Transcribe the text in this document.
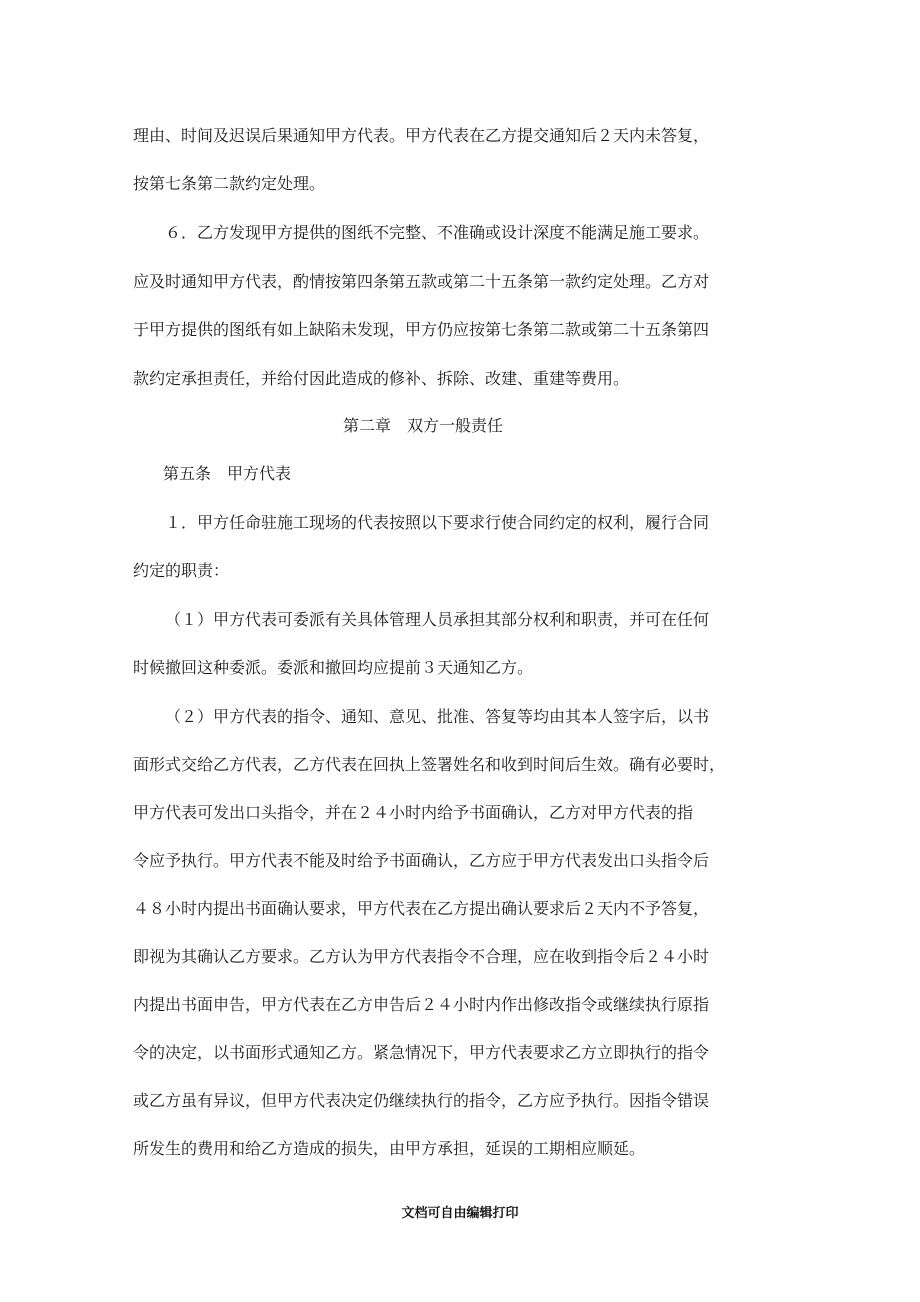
理由、时间及迟误后果通知甲方代表。甲方代表在乙方提交通知后２天内未答复，
按第七条第二款约定处理。
６．乙方发现甲方提供的图纸不完整、不准确或设计深度不能满足施工要求。
应及时通知甲方代表，酌情按第四条第五款或第二十五条第一款约定处理。乙方对
于甲方提供的图纸有如上缺陷未发现，甲方仍应按第七条第二款或第二十五条第四
款约定承担责任，并给付因此造成的修补、拆除、改建、重建等费用。
第二章　双方一般责任
第五条　甲方代表
１．甲方任命驻施工现场的代表按照以下要求行使合同约定的权利，履行合同
约定的职责：
（１）甲方代表可委派有关具体管理人员承担其部分权利和职责，并可在任何
时候撤回这种委派。委派和撤回均应提前３天通知乙方。
（２）甲方代表的指令、通知、意见、批准、答复等均由其本人签字后，以书
面形式交给乙方代表，乙方代表在回执上签署姓名和收到时间后生效。确有必要时，
甲方代表可发出口头指令，并在２４小时内给予书面确认，乙方对甲方代表的指
令应予执行。甲方代表不能及时给予书面确认，乙方应于甲方代表发出口头指令后
４８小时内提出书面确认要求，甲方代表在乙方提出确认要求后２天内不予答复，
即视为其确认乙方要求。乙方认为甲方代表指令不合理，应在收到指令后２４小时
内提出书面申告，甲方代表在乙方申告后２４小时内作出修改指令或继续执行原指
令的决定，以书面形式通知乙方。紧急情况下，甲方代表要求乙方立即执行的指令
或乙方虽有异议，但甲方代表决定仍继续执行的指令，乙方应予执行。因指令错误
所发生的费用和给乙方造成的损失，由甲方承担，延误的工期相应顺延。
文档可自由编辑打印
